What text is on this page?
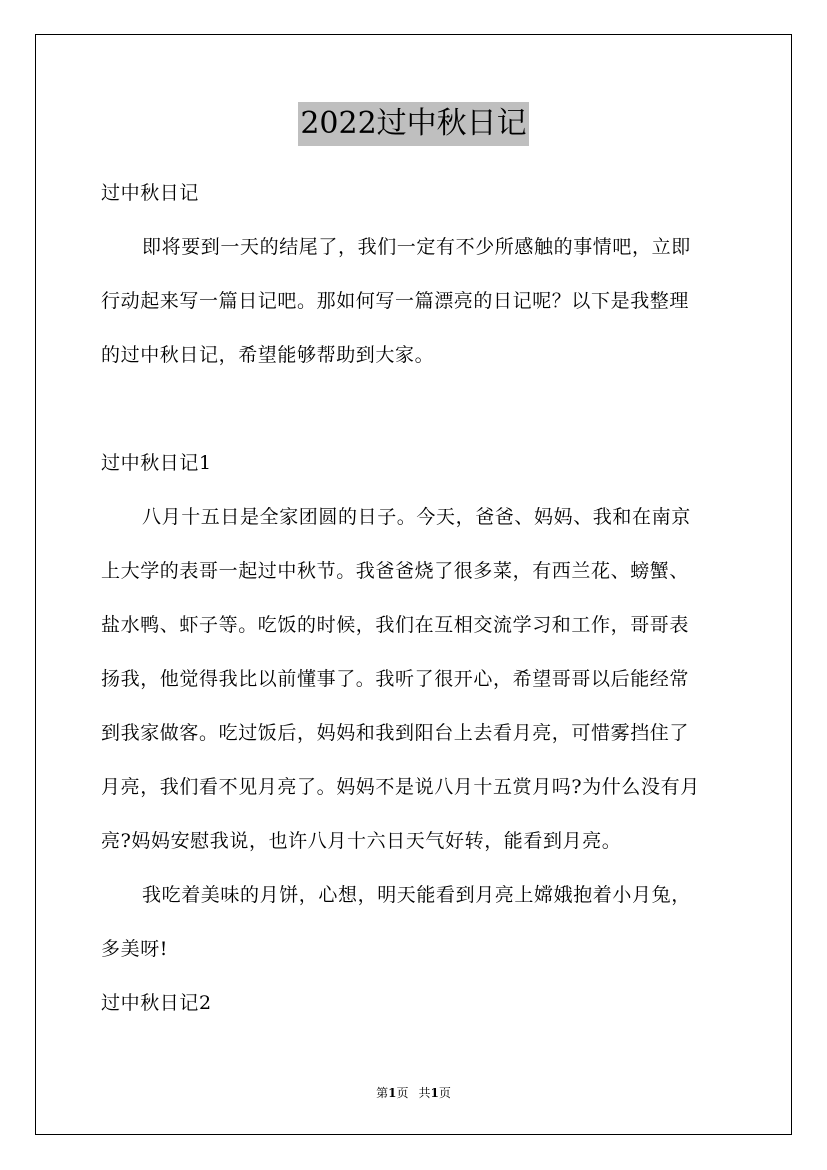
2022过中秋日记
过中秋日记
即将要到一天的结尾了，我们一定有不少所感触的事情吧，立即
行动起来写一篇日记吧。那如何写一篇漂亮的日记呢？以下是我整理
的过中秋日记，希望能够帮助到大家。
过中秋日记1
八月十五日是全家团圆的日子。今天，爸爸、妈妈、我和在南京
上大学的表哥一起过中秋节。我爸爸烧了很多菜，有西兰花、螃蟹、
盐水鸭、虾子等。吃饭的时候，我们在互相交流学习和工作，哥哥表
扬我，他觉得我比以前懂事了。我听了很开心，希望哥哥以后能经常
到我家做客。吃过饭后，妈妈和我到阳台上去看月亮，可惜雾挡住了
月亮，我们看不见月亮了。妈妈不是说八月十五赏月吗?为什么没有月
亮?妈妈安慰我说，也许八月十六日天气好转，能看到月亮。
我吃着美味的月饼，心想，明天能看到月亮上嫦娥抱着小月兔，
多美呀!
过中秋日记2
第1页 共1页
